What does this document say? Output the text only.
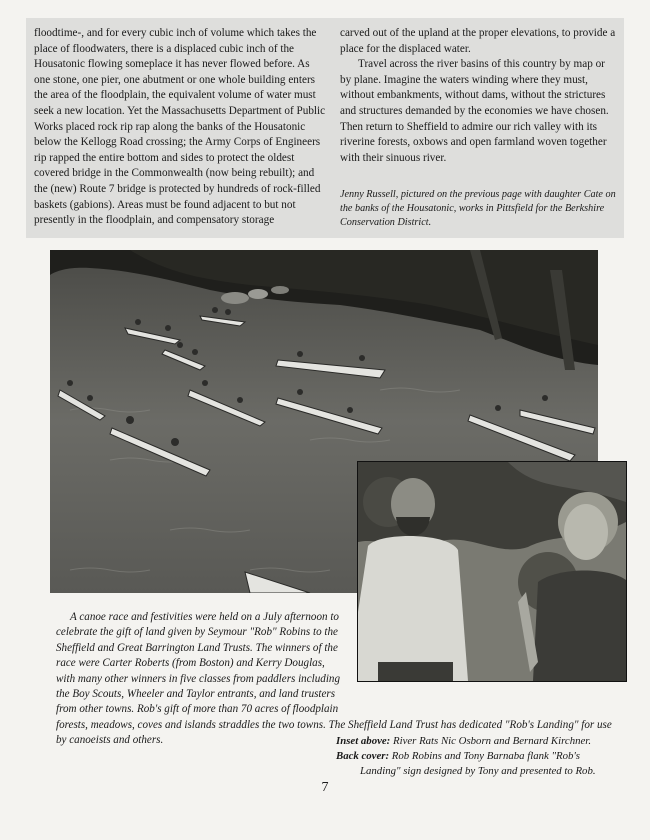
floodtime-, and for every cubic inch of volume which takes the place of floodwaters, there is a displaced cubic inch of the Housatonic flowing someplace it has never flowed before. As one stone, one pier, one abutment or one whole building enters the area of the floodplain, the equivalent volume of water must seek a new location. Yet the Massachusetts Department of Public Works placed rock rip rap along the banks of the Housatonic below the Kellogg Road crossing; the Army Corps of Engineers rip rapped the entire bottom and sides to protect the oldest covered bridge in the Commonwealth (now being rebuilt); and the (new) Route 7 bridge is protected by hundreds of rock-filled baskets (gabions). Areas must be found adjacent to but not presently in the floodplain, and compensatory storage

carved out of the upland at the proper elevations, to provide a place for the displaced water.

Travel across the river basins of this country by map or by plane. Imagine the waters winding where they must, without embankments, without dams, without the strictures and structures demanded by the economies we have chosen. Then return to Sheffield to admire our rich valley with its riverine forests, oxbows and open farmland woven together with their sinuous river.

Jenny Russell, pictured on the previous page with daughter Cate on the banks of the Housatonic, works in Pittsfield for the Berkshire Conservation District.

A canoe race and festivities were held on a July afternoon to celebrate the gift of land given by Seymour "Rob" Robins to the Sheffield and Great Barrington Land Trusts. The winners of the race were Carter Roberts (from Boston) and Kerry Douglas, with many other winners in five classes from paddlers including the Boy Scouts, Wheeler and Taylor entrants, and land trusters from other towns. Rob's gift of more than 70 acres of floodplain

forests, meadows, coves and islands straddles the two towns. The Sheffield Land Trust has dedicated "Rob's Landing" for use by canoeists and others.	Inset above: River Rats Nic Osborn and Bernard Kirchner.

Back cover: Rob Robins and Tony Barnaba flank "Rob's

Landing" sign designed by Tony and presented to Rob.

7
